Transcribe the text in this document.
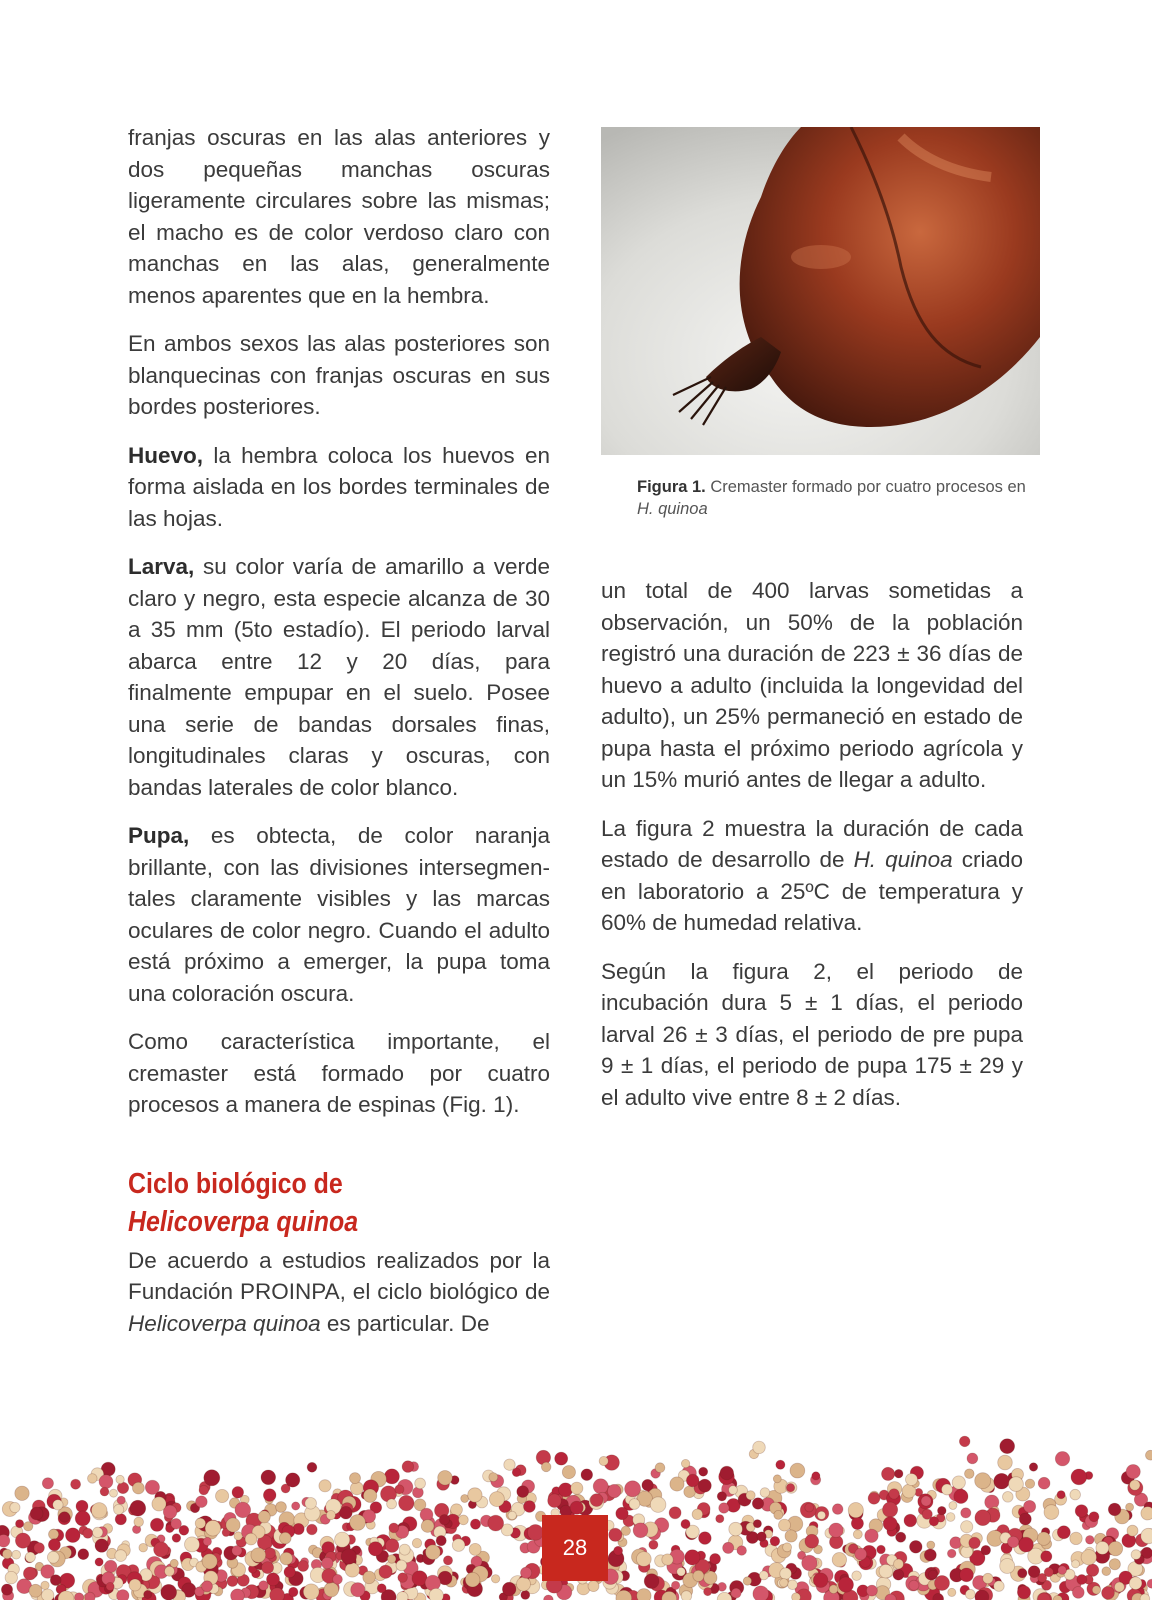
franjas oscuras en las alas anteriores y dos pequeñas manchas oscuras ligeramente circulares sobre las mismas; el macho es de color verdoso claro con manchas en las alas, generalmente menos aparentes que en la hembra.

En ambos sexos las alas posteriores son blanquecinas con franjas oscuras en sus bordes posteriores.

Huevo, la hembra coloca los huevos en forma aislada en los bordes terminales de las hojas.

Larva, su color varía de amarillo a verde claro y negro, esta especie alcanza de 30 a 35 mm (5to estadío). El periodo larval abarca entre 12 y 20 días, para finalmente empupar en el suelo. Posee una serie de bandas dorsales finas, longitudinales claras y oscuras, con bandas laterales de color blanco.

Pupa, es obtecta, de color naranja brillante, con las divisiones intersegmentales claramente visibles y las marcas oculares de color negro. Cuando el adulto está próximo a emerger, la pupa toma una coloración oscura.

Como característica importante, el cremaster está formado por cuatro procesos a manera de espinas (Fig. 1).

Ciclo biológico de Helicoverpa quinoa

De acuerdo a estudios realizados por la Fundación PROINPA, el ciclo biológico de Helicoverpa quinoa es particular. De

Figura 1. Cremaster formado por cuatro procesos en
H. quinoa

un total de 400 larvas sometidas a observación, un 50% de la población registró una duración de 223 ± 36 días de huevo a adulto (incluida la longevidad del adulto), un 25% permaneció en estado de pupa hasta el próximo periodo agrícola y un 15% murió antes de llegar a adulto.

La figura 2 muestra la duración de cada estado de desarrollo de H. quinoa criado en laboratorio a 25ºC de temperatura y 60% de humedad relativa.

Según la figura 2, el periodo de incubación dura 5 ± 1 días, el periodo larval 26 ± 3 días, el periodo de pre pupa 9 ± 1 días, el periodo de pupa 175 ± 29 y el adulto vive entre 8 ± 2 días.

28
